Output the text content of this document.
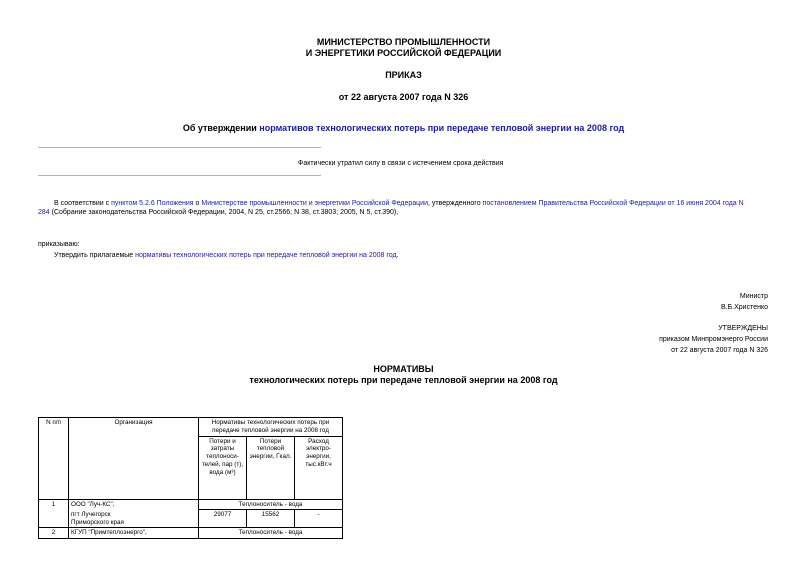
МИНИСТЕРСТВО ПРОМЫШЛЕННОСТИ
И ЭНЕРГЕТИКИ РОССИЙСКОЙ ФЕДЕРАЦИИ
ПРИКАЗ
от 22 августа 2007 года N 326
Об утверждении нормативов технологических потерь при передаче тепловой энергии на 2008 год
Фактически утратил силу в связи с истечением срока действия
В соответствии с пунктом 5.2.6 Положения о Министерстве промышленности и энергетики Российской Федерации, утвержденного постановлением Правительства Российской Федерации от 16 июня 2004 года N
284 (Собрание законодательства Российской Федерации, 2004, N 25, ст.2566; N 38, ст.3803; 2005, N 5, ст.390),
приказываю:
Утвердить прилагаемые нормативы технологических потерь при передаче тепловой энергии на 2008 год.
Министр
В.Б.Христенко
УТВЕРЖДЕНЫ
приказом Минпромэнерго России
от 22 августа 2007 года N 326
НОРМАТИВЫ
технологических потерь при передаче тепловой энергии на 2008 год
N п/п	Организация	Нормативы технологических потерь при передаче тепловой энергии на 2008 год		
		Потери и затраты теплоноси-телей, пар (т), вода (м³)	Потери тепловой энергии, Гкал.	Расход электро-энергии, тыс.кВт.ч
1	ООО "Луч-КС",	Теплоноситель - вода		

	пгт Лучегорск
Приморского края	29077	15562	-
2	КГУП "Примтеплоэнерго",	Теплоноситель - вода		
